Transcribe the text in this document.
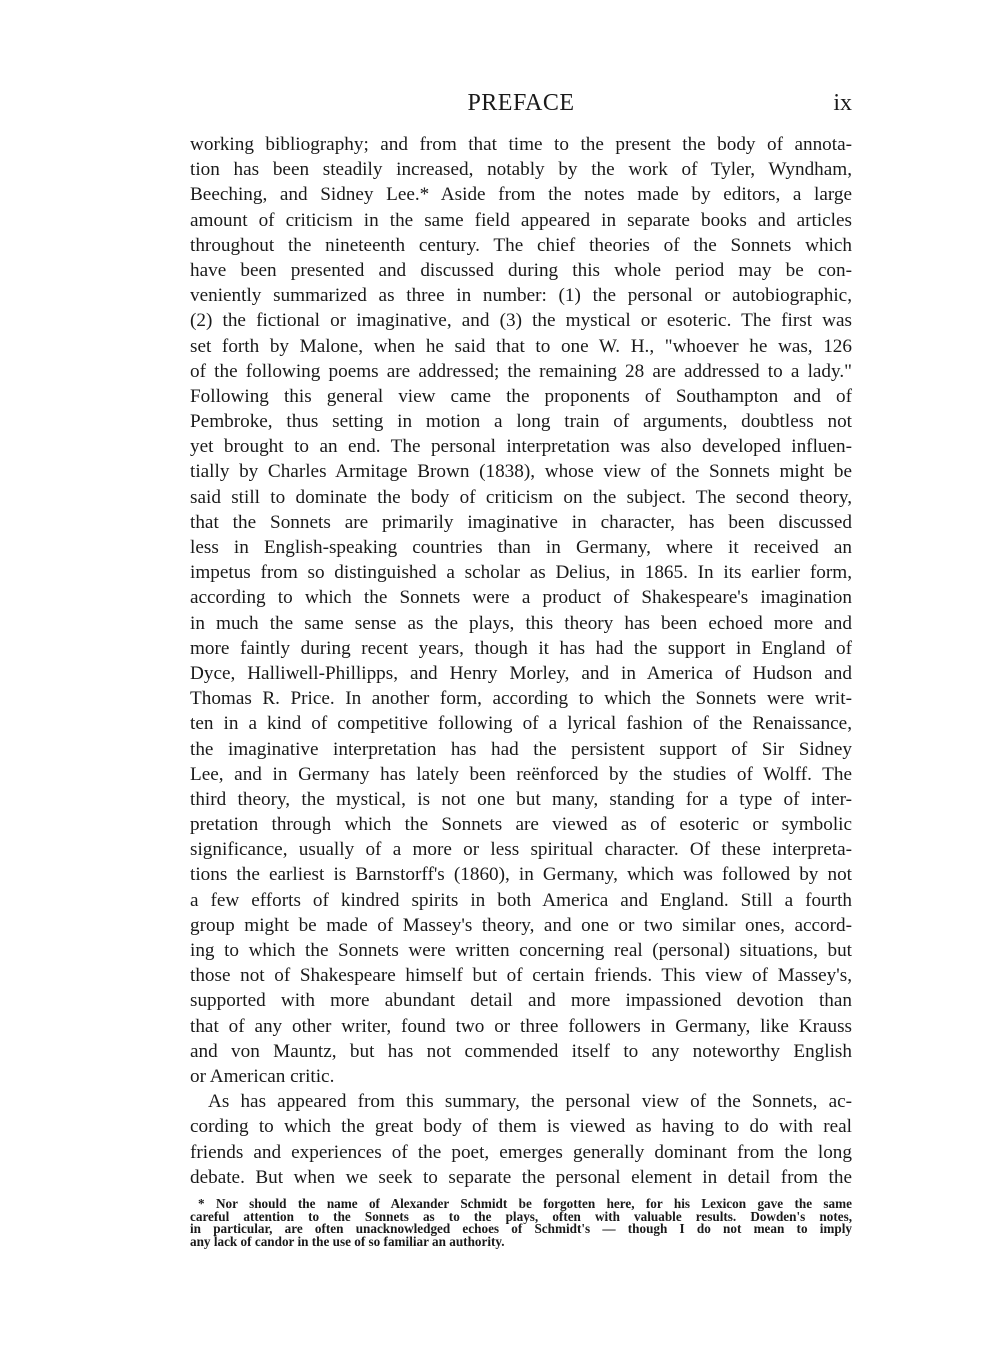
PREFACE	ix
working bibliography; and from that time to the present the body of annota-
tion has been steadily increased, notably by the work of Tyler, Wyndham,
Beeching, and Sidney Lee.* Aside from the notes made by editors, a large
amount of criticism in the same field appeared in separate books and articles
throughout the nineteenth century. The chief theories of the Sonnets which
have been presented and discussed during this whole period may be con-
veniently summarized as three in number: (1) the personal or autobiographic,
(2) the fictional or imaginative, and (3) the mystical or esoteric. The first was
set forth by Malone, when he said that to one W. H., "whoever he was, 126
of the following poems are addressed; the remaining 28 are addressed to a lady."
Following this general view came the proponents of Southampton and of
Pembroke, thus setting in motion a long train of arguments, doubtless not
yet brought to an end. The personal interpretation was also developed influen-
tially by Charles Armitage Brown (1838), whose view of the Sonnets might be
said still to dominate the body of criticism on the subject. The second theory,
that the Sonnets are primarily imaginative in character, has been discussed
less in English-speaking countries than in Germany, where it received an
impetus from so distinguished a scholar as Delius, in 1865. In its earlier form,
according to which the Sonnets were a product of Shakespeare's imagination
in much the same sense as the plays, this theory has been echoed more and
more faintly during recent years, though it has had the support in England of
Dyce, Halliwell-Phillipps, and Henry Morley, and in America of Hudson and
Thomas R. Price. In another form, according to which the Sonnets were writ-
ten in a kind of competitive following of a lyrical fashion of the Renaissance,
the imaginative interpretation has had the persistent support of Sir Sidney
Lee, and in Germany has lately been reënforced by the studies of Wolff. The
third theory, the mystical, is not one but many, standing for a type of inter-
pretation through which the Sonnets are viewed as of esoteric or symbolic
significance, usually of a more or less spiritual character. Of these interpreta-
tions the earliest is Barnstorff's (1860), in Germany, which was followed by not
a few efforts of kindred spirits in both America and England. Still a fourth
group might be made of Massey's theory, and one or two similar ones, accord-
ing to which the Sonnets were written concerning real (personal) situations, but
those not of Shakespeare himself but of certain friends. This view of Massey's,
supported with more abundant detail and more impassioned devotion than
that of any other writer, found two or three followers in Germany, like Krauss
and von Mauntz, but has not commended itself to any noteworthy English
or American critic.
As has appeared from this summary, the personal view of the Sonnets, ac-
cording to which the great body of them is viewed as having to do with real
friends and experiences of the poet, emerges generally dominant from the long
debate. But when we seek to separate the personal element in detail from the
* Nor should the name of Alexander Schmidt be forgotten here, for his Lexicon gave the same
careful attention to the Sonnets as to the plays, often with valuable results. Dowden's notes,
in particular, are often unacknowledged echoes of Schmidt's — though I do not mean to imply
any lack of candor in the use of so familiar an authority.
